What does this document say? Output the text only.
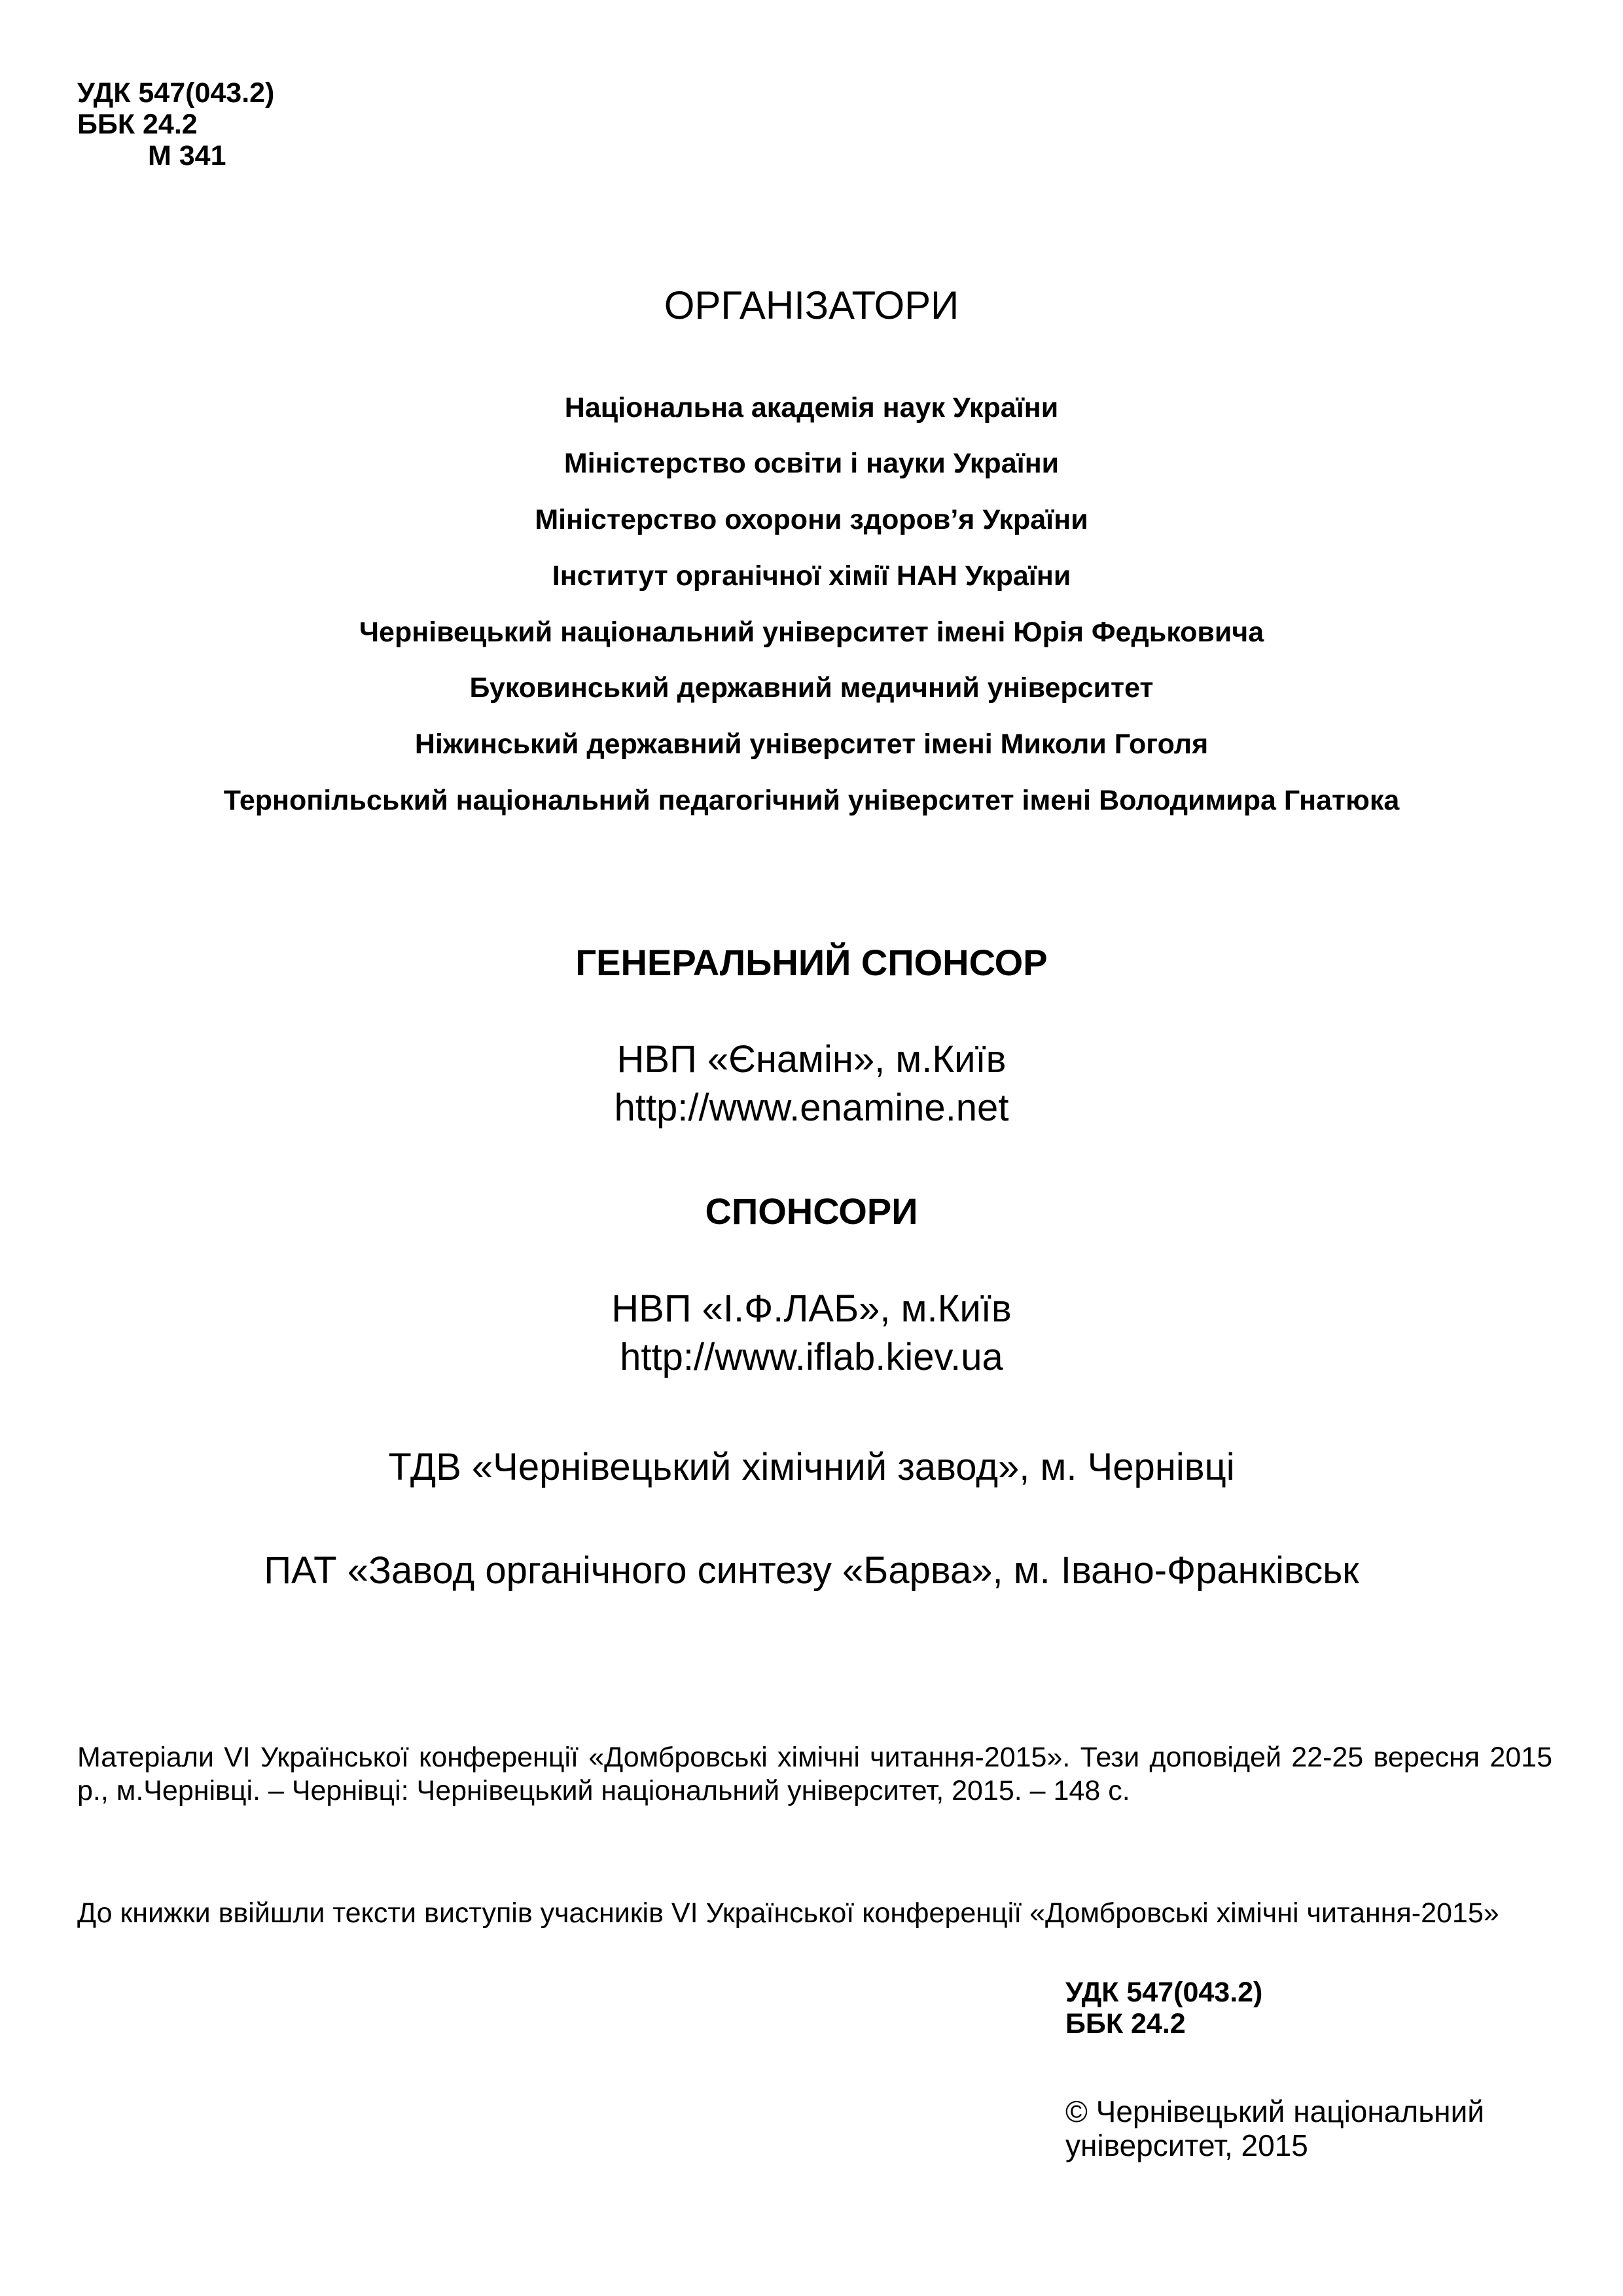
УДК 547(043.2)
ББК 24.2
М 341
ОРГАНІЗАТОРИ
Національна академія наук України
Міністерство освіти і науки України
Міністерство охорони здоров’я України
Інститут органічної хімії НАН України
Чернівецький національний університет імені Юрія Федьковича
Буковинський державний медичний університет
Ніжинський державний університет імені Миколи Гоголя
Тернопільський національний педагогічний університет імені Володимира Гнатюка
ГЕНЕРАЛЬНИЙ СПОНСОР
НВП «Єнамін», м.Київ
http://www.enamine.net
СПОНСОРИ
НВП «І.Ф.ЛАБ», м.Київ
http://www.iflab.kiev.ua
ТДВ «Чернівецький хімічний завод», м. Чернівці
ПАТ «Завод органічного синтезу «Барва», м. Івано-Франківськ
Матеріали VI Української конференції «Домбровські хімічні читання-2015». Тези доповідей 22-25 вересня 2015 р., м.Чернівці. – Чернівці: Чернівецький національний університет, 2015. – 148 с.
До книжки ввійшли тексти виступів учасників VI Української конференції «Домбровські хімічні читання-2015»
УДК 547(043.2)
ББК 24.2
© Чернівецький національний
університет, 2015
